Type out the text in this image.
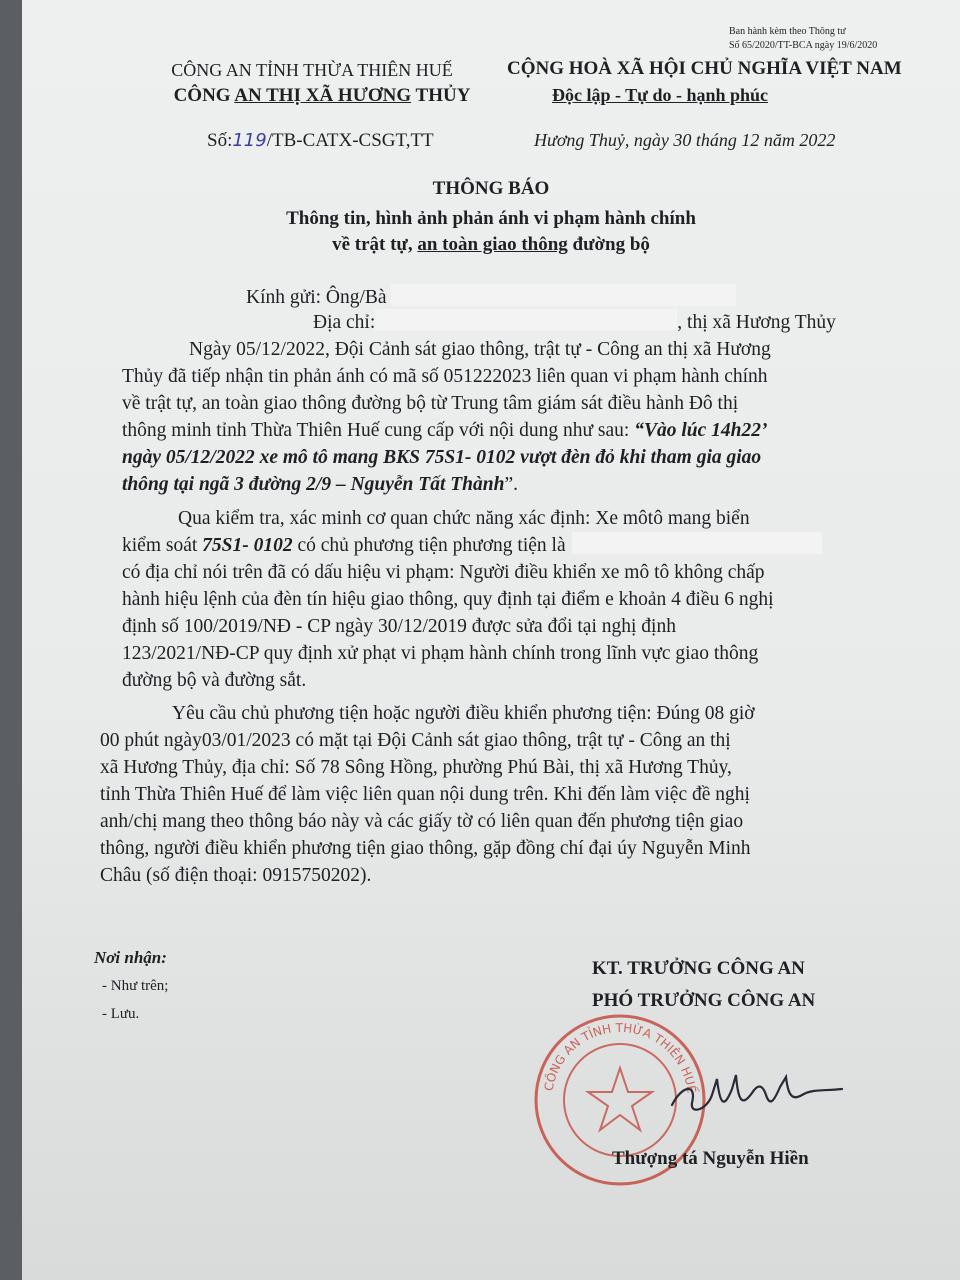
Ban hành kèm theo Thông tư
Số 65/2020/TT-BCA ngày 19/6/2020
CÔNG AN TỈNH THỪA THIÊN HUẾ
CÔNG AN THỊ XÃ HƯƠNG THỦY
CỘNG HOÀ XÃ HỘI CHỦ NGHĨA VIỆT NAM
Độc lập - Tự do - hạnh phúc
Số:119/TB-CATX-CSGT,TT	Hương Thuỷ, ngày 30 tháng 12 năm 2022
THÔNG BÁO
Thông tin, hình ảnh phản ánh vi phạm hành chính
về trật tự, an toàn giao thông đường bộ
Kính gửi: Ông/Bà
Địa chỉ:	, thị xã Hương Thủy
Ngày 05/12/2022, Đội Cảnh sát giao thông, trật tự - Công an thị xã Hương
Thủy đã tiếp nhận tin phản ánh có mã số 051222023 liên quan vi phạm hành chính
về trật tự, an toàn giao thông đường bộ từ Trung tâm giám sát điều hành Đô thị
thông minh tỉnh Thừa Thiên Huế cung cấp với nội dung như sau: “Vào lúc 14h22’
ngày 05/12/2022 xe mô tô mang BKS 75S1- 0102 vượt đèn đỏ khi tham gia giao
thông tại ngã 3 đường 2/9 – Nguyễn Tất Thành”.
Qua kiểm tra, xác minh cơ quan chức năng xác định: Xe môtô mang biển
kiểm soát 75S1- 0102 có chủ phương tiện phương tiện là
có địa chỉ nói trên đã có dấu hiệu vi phạm: Người điều khiển xe mô tô không chấp
hành hiệu lệnh của đèn tín hiệu giao thông, quy định tại điểm e khoản 4 điều 6 nghị
định số 100/2019/NĐ - CP ngày 30/12/2019 được sửa đổi tại nghị định
123/2021/NĐ-CP quy định xử phạt vi phạm hành chính trong lĩnh vực giao thông
đường bộ và đường sắt.
Yêu cầu chủ phương tiện hoặc người điều khiển phương tiện: Đúng 08 giờ
00 phút ngày03/01/2023 có mặt tại Đội Cảnh sát giao thông, trật tự - Công an thị
xã Hương Thủy, địa chỉ: Số 78 Sông Hồng, phường Phú Bài, thị xã Hương Thủy,
tỉnh Thừa Thiên Huế để làm việc liên quan nội dung trên. Khi đến làm việc đề nghị
anh/chị mang theo thông báo này và các giấy tờ có liên quan đến phương tiện giao
thông, người điều khiển phương tiện giao thông, gặp đồng chí đại úy Nguyễn Minh
Châu (số điện thoại: 0915750202).
Nơi nhận:
- Như trên;
- Lưu.
KT. TRƯỞNG CÔNG AN
PHÓ TRƯỞNG CÔNG AN
CÔNG AN TỈNH THỪA THIÊN HUẾ
Thượng tá Nguyễn Hiền
